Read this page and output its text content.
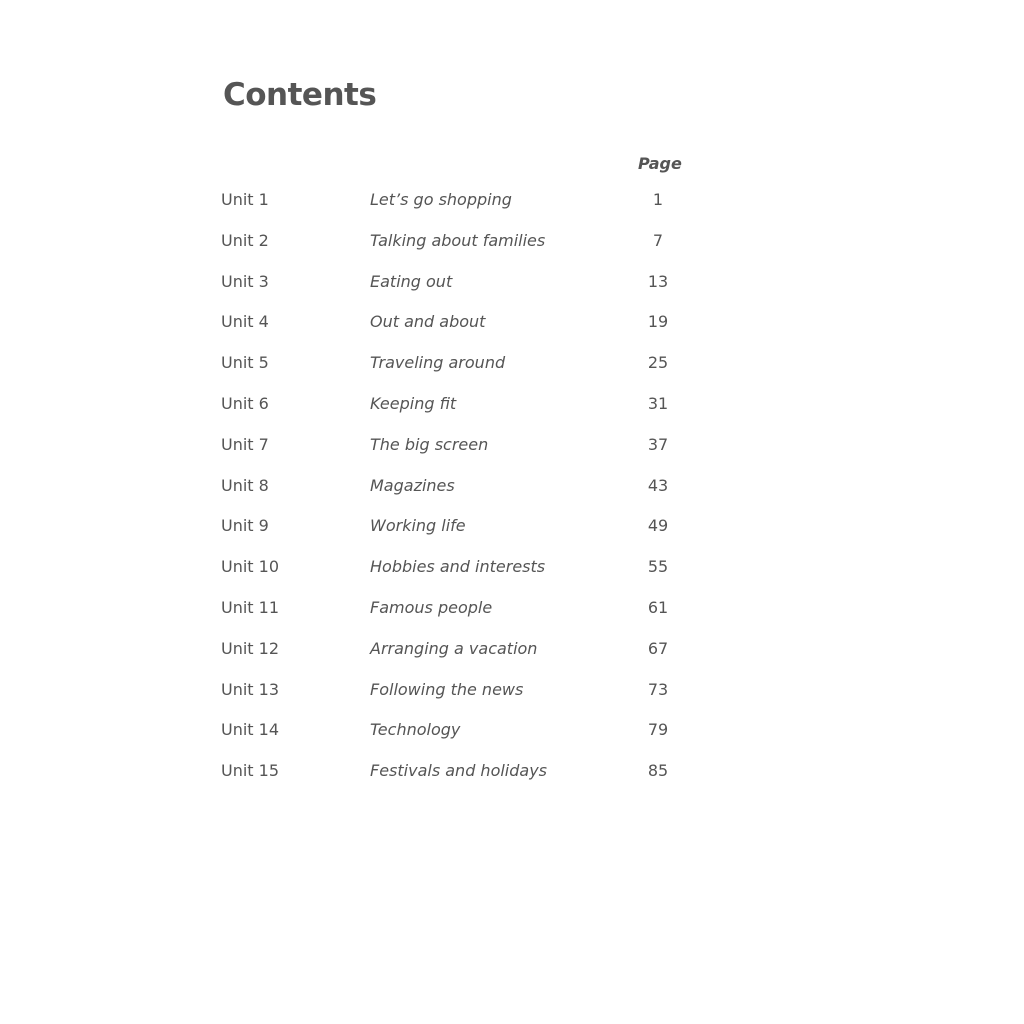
Contents
Page
Unit 1	Let’s go shopping	1
Unit 2	Talking about families	7
Unit 3	Eating out	13
Unit 4	Out and about	19
Unit 5	Traveling around	25
Unit 6	Keeping fit	31
Unit 7	The big screen	37
Unit 8	Magazines	43
Unit 9	Working life	49
Unit 10	Hobbies and interests	55
Unit 11	Famous people	61
Unit 12	Arranging a vacation	67
Unit 13	Following the news	73
Unit 14	Technology	79
Unit 15	Festivals and holidays	85
